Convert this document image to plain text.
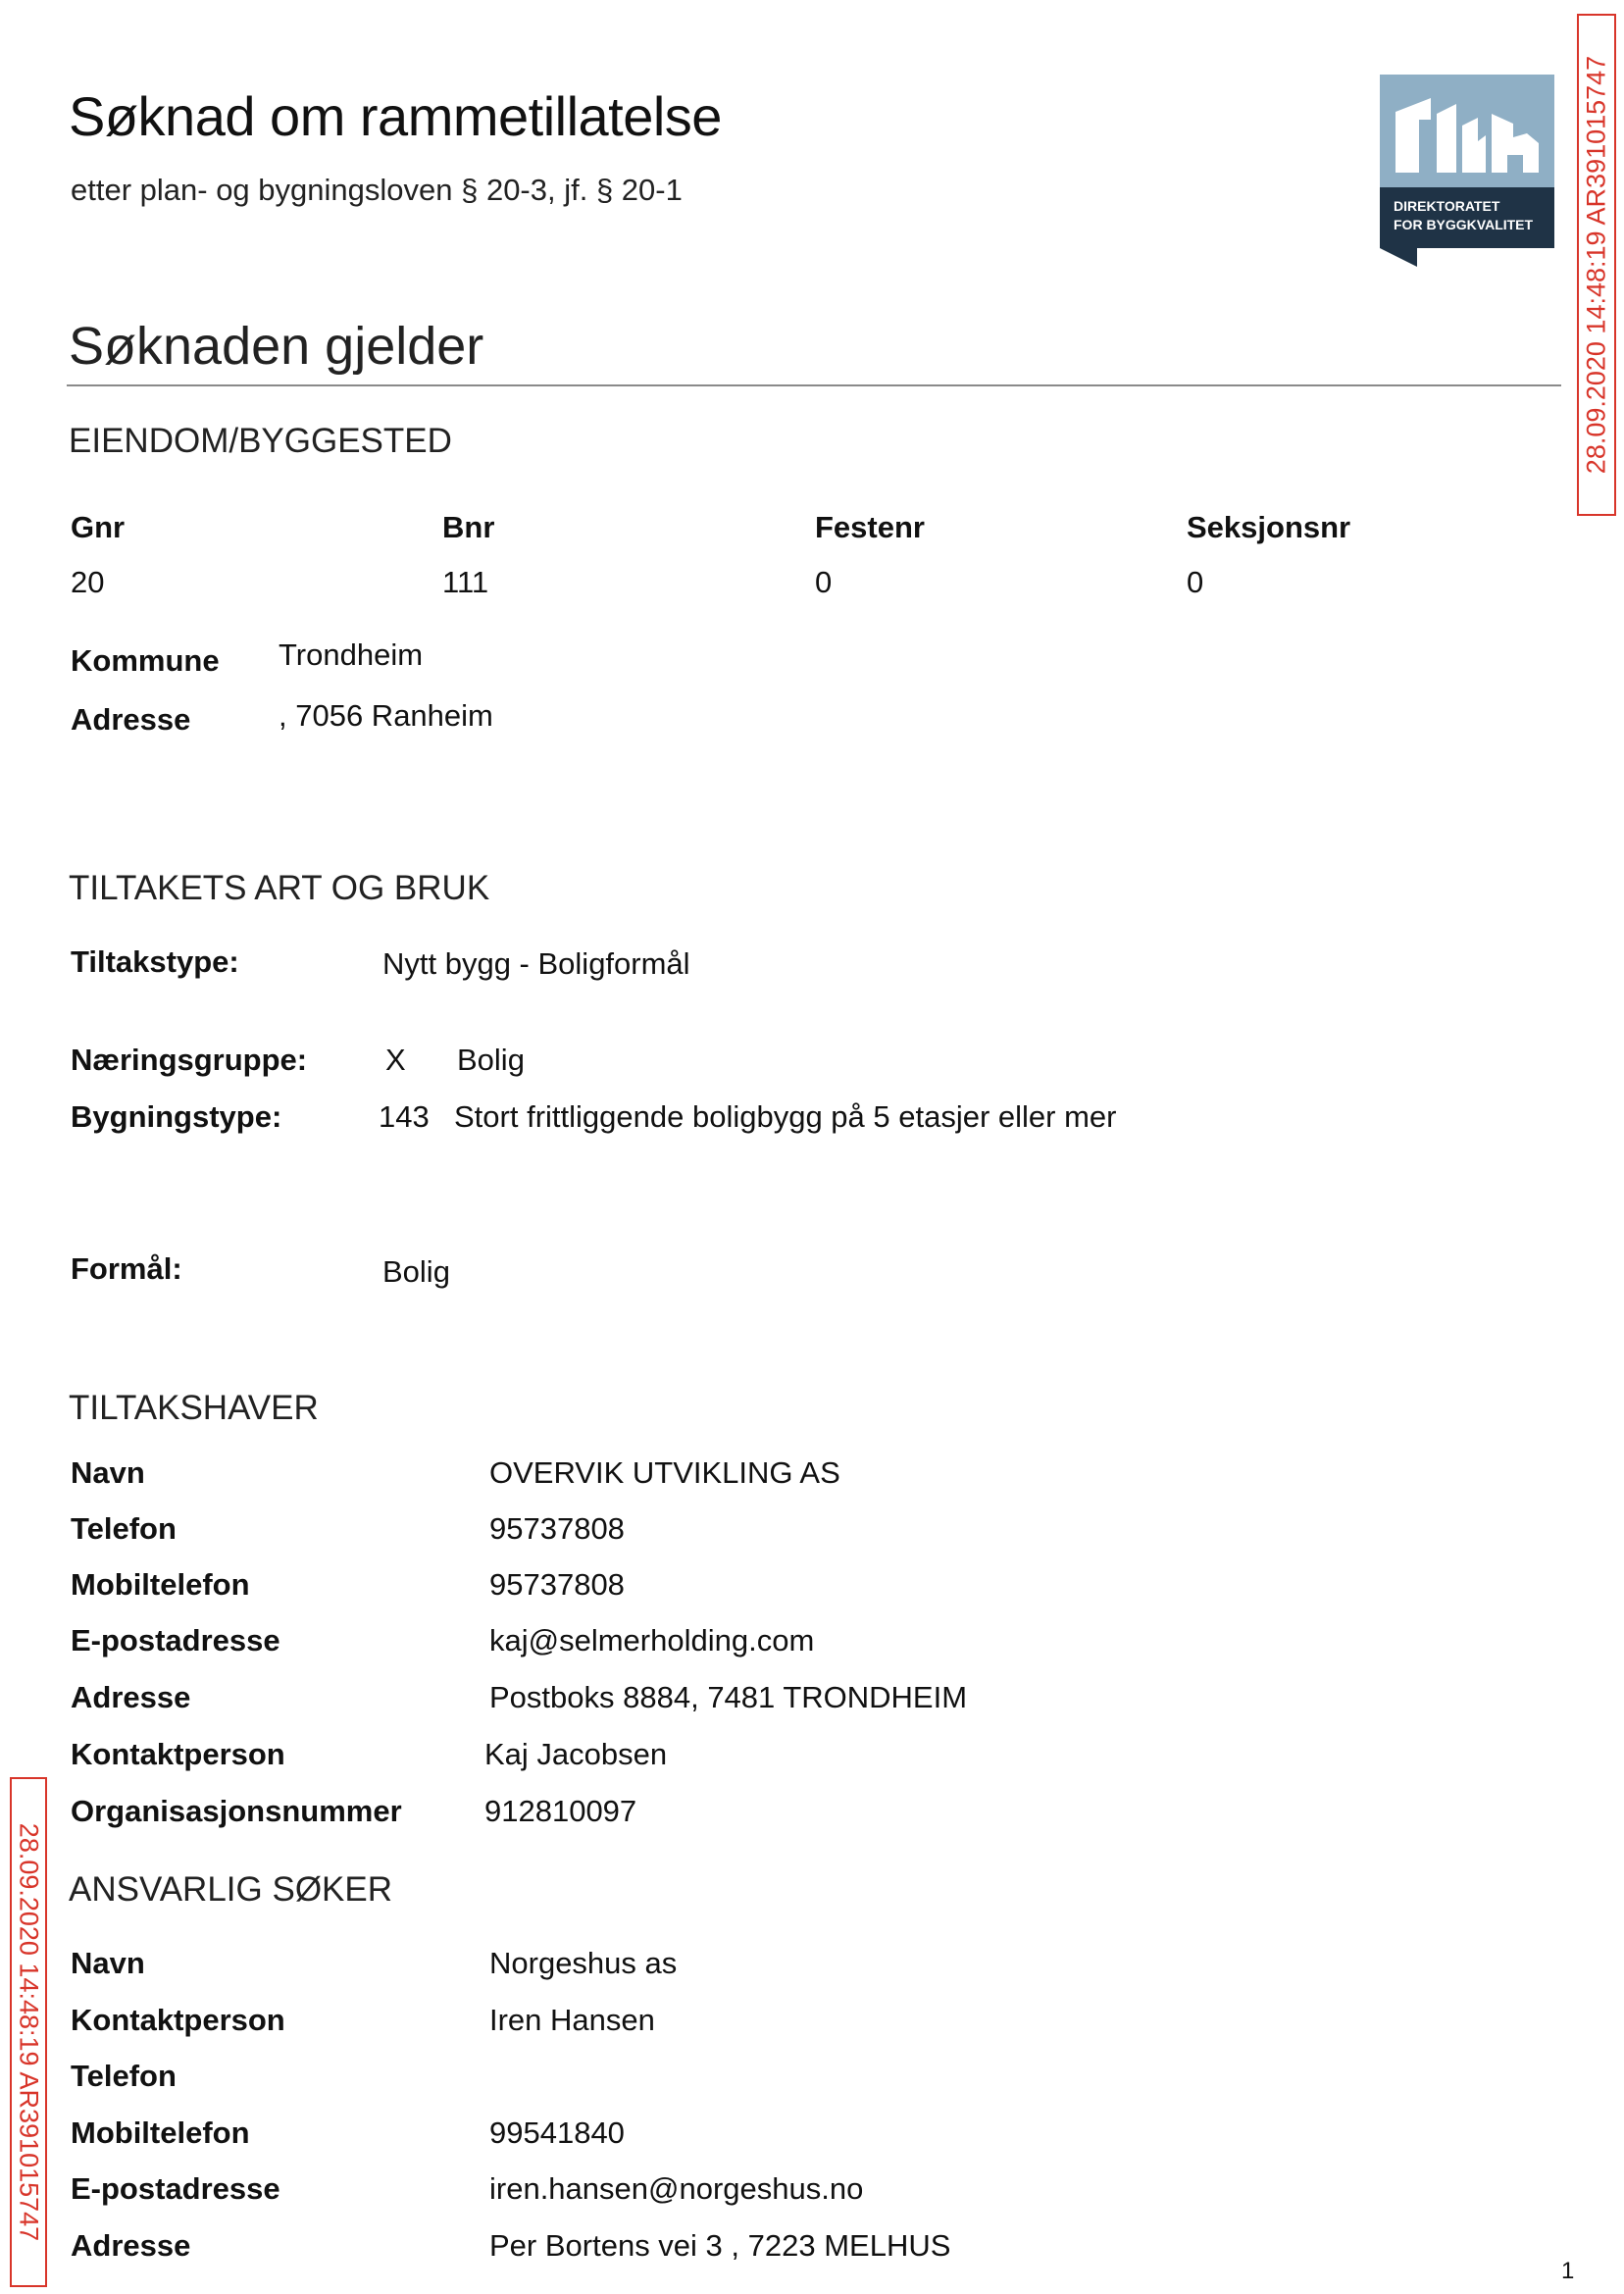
Søknad om rammetillatelse
etter plan- og bygningsloven § 20-3, jf. § 20-1	DIREKTORATET
FOR BYGGKVALITET 28.09.2020 14:48:19 AR391015747
28.09.2020 14:48:19 AR391015747
Søknaden gjelder
EIENDOM/BYGGESTED
Gnr	Bnr	Festenr	Seksjonsnr
20	111	0	0
Kommune Trondheim
Adresse	, 7056 Ranheim
TILTAKETS ART OG BRUK
Tiltakstype:	Nytt bygg - Boligformål
Næringsgruppe:	X Bolig
Bygningstype:	143 Stort frittliggende boligbygg på 5 etasjer eller mer
Formål:	Bolig
TILTAKSHAVER
Navn	OVERVIK UTVIKLING AS
Telefon	95737808
Mobiltelefon	95737808
E-postadresse	kaj@selmerholding.com
Adresse	Postboks 8884, 7481 TRONDHEIM
Kontaktperson	Kaj Jacobsen
Organisasjonsnummer	912810097
ANSVARLIG SØKER
Navn	Norgeshus as
Kontaktperson	Iren Hansen
Telefon
Mobiltelefon	99541840
E-postadresse	iren.hansen@norgeshus.no
Adresse	Per Bortens vei 3 , 7223 MELHUS
1
